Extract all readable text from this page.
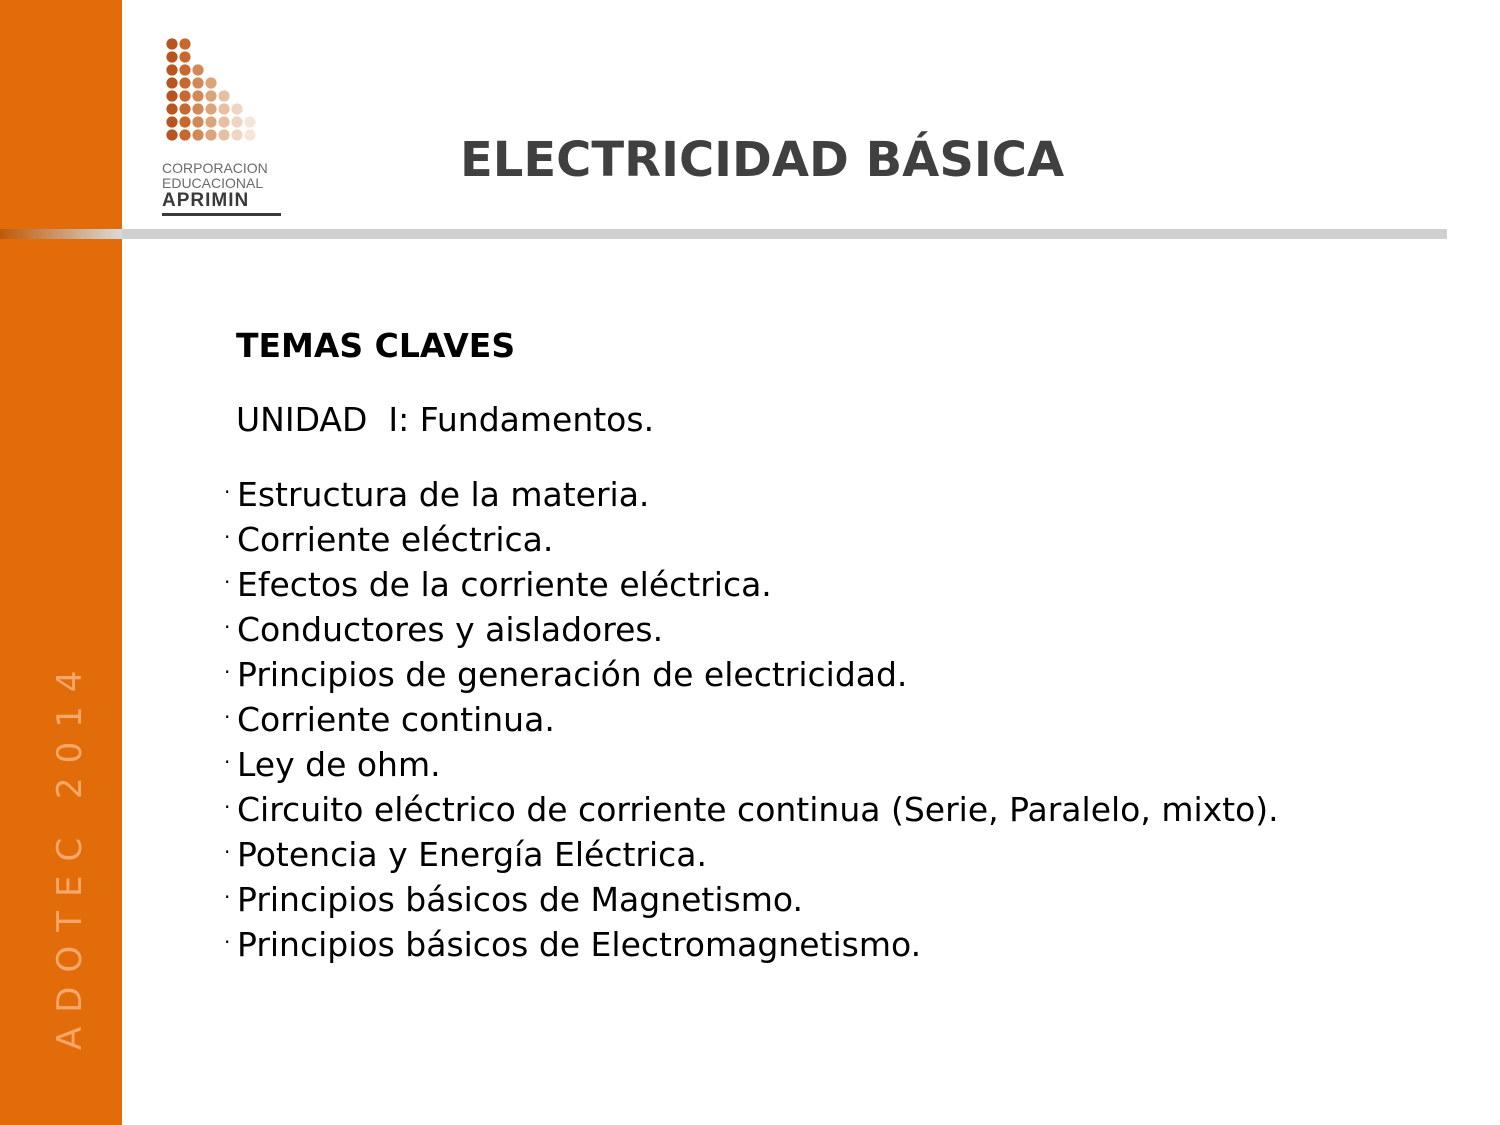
ADOTEC 2014
CORPORACION
EDUCACIONAL
APRIMIN
ELECTRICIDAD BÁSICA
TEMAS CLAVES
UNIDAD  I: Fundamentos.
· Estructura de la materia.
· Corriente eléctrica.
· Efectos de la corriente eléctrica.
· Conductores y aisladores.
· Principios de generación de electricidad.
· Corriente continua.
· Ley de ohm.
· Circuito eléctrico de corriente continua (Serie, Paralelo, mixto).
· Potencia y Energía Eléctrica.
· Principios básicos de Magnetismo.
· Principios básicos de Electromagnetismo.
